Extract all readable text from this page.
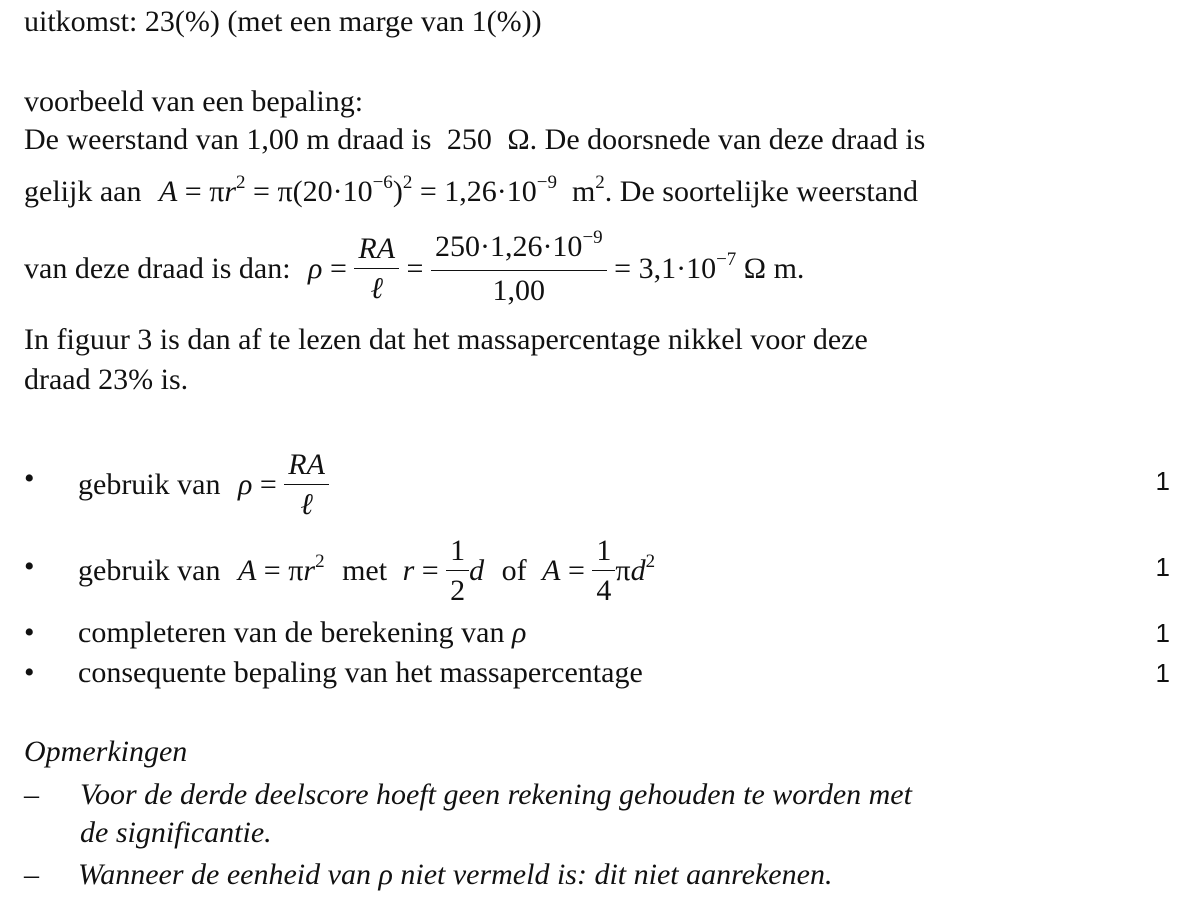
uitkomst: 23(%) (met een marge van 1(%))
voorbeeld van een bepaling:
De weerstand van 1,00 m draad is 250 Ω. De doorsnede van deze draad is
gelijk aan $A = \pi r^2 = \pi(20\cdot 10^{-6})^2 = 1,26\cdot 10^{-9}$  $m^2$. De soortelijke weerstand
van deze draad is dan: $\rho = \frac{RA}{\text{ℓ}} = \frac{250\cdot 1,26\cdot 10^{-9}}{1,00} = 3,1\cdot 10^{-7}$ Ω m.
In figuur 3 is dan af te lezen dat het massapercentage nikkel voor deze
draad 23% is.
•	gebruik van $\rho = \frac{RA}{\text{ℓ}}$	1
•	gebruik van $A = \pi r^2$ met $r = \frac{1}{2}$ d of $A = \frac{1}{4} \pi d^2$	1
•	completeren van de berekening van ρ	1
•	consequente bepaling van het massapercentage	1
Opmerkingen
–	Voor de derde deelscore hoeft geen rekening gehouden te worden met
de significantie.
–	Wanneer de eenheid van ρ niet vermeld is: dit niet aanrekenen.
